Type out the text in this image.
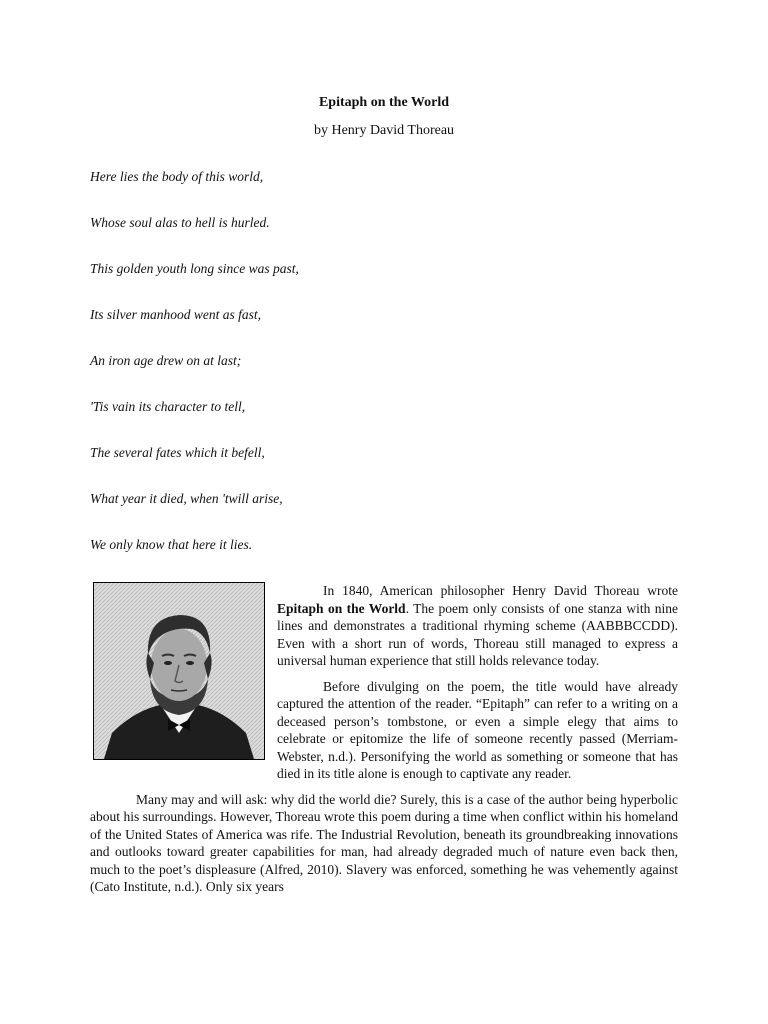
Epitaph on the World
by Henry David Thoreau
Here lies the body of this world,
Whose soul alas to hell is hurled.
This golden youth long since was past,
Its silver manhood went as fast,
An iron age drew on at last;
'Tis vain its character to tell,
The several fates which it befell,
What year it died, when 'twill arise,
We only know that here it lies.

In 1840, American philosopher Henry David Thoreau wrote Epitaph on the World. The poem only consists of one stanza with nine lines and demonstrates a traditional rhyming scheme (AABBBCCDD). Even with a short run of words, Thoreau still managed to express a universal human experience that still holds relevance today.

Before divulging on the poem, the title would have already captured the attention of the reader. “Epitaph” can refer to a writing on a deceased person’s tombstone, or even a simple elegy that aims to celebrate or epitomize the life of someone recently passed (Merriam-Webster, n.d.). Personifying the world as something or someone that has died in its title alone is enough to captivate any reader.

Many may and will ask: why did the world die? Surely, this is a case of the author being hyperbolic about his surroundings. However, Thoreau wrote this poem during a time when conflict within his homeland of the United States of America was rife. The Industrial Revolution, beneath its groundbreaking innovations and outlooks toward greater capabilities for man, had already degraded much of nature even back then, much to the poet’s displeasure (Alfred, 2010). Slavery was enforced, something he was vehemently against (Cato Institute, n.d.). Only six years
